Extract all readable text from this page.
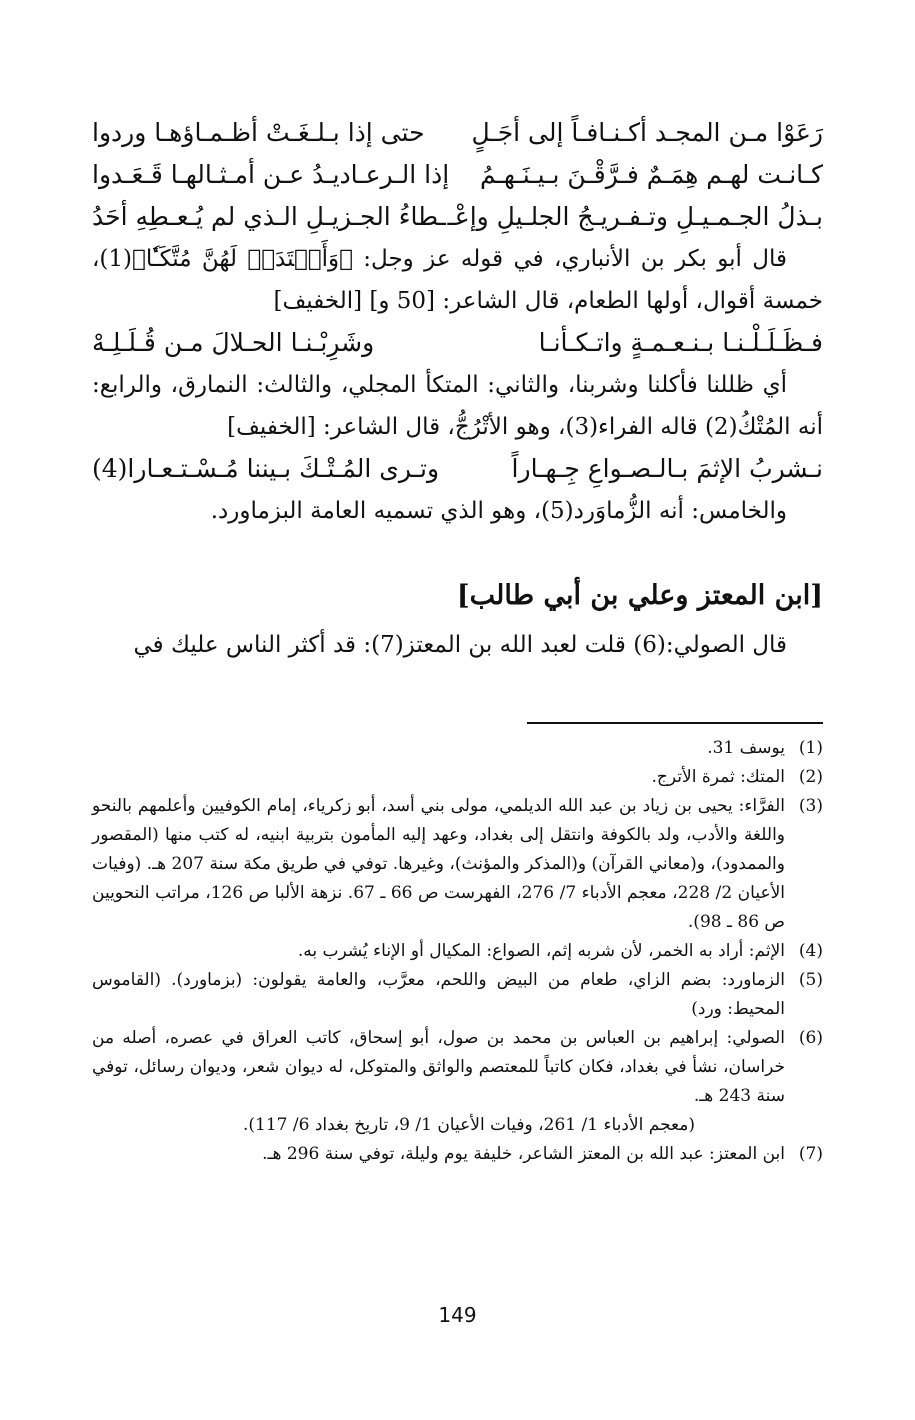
رَعَوْا مـن المجـد أكـنـافـاً إلى أجَـلٍ
حتى إذا بـلـغَـتْ أظـمـاؤهـا وردوا
كـانـت لهـم هِمَـمٌ فـرَّقْـنَ بـيـنَـهـمُ
إذا الـرعـاديـدُ عـن أمـثـالهـا قَـعَـدوا
بـذلُ الجـمـيـلِ وتـفـريـجُ الجلـيلِ وإعْـ
ـطاءُ الجـزيـلِ الـذي لم يُـعـطِهِ أحَدُ

قال أبو بكر بن الأنباري، في قوله عز وجل: ﴿وَأَعۡتَدَتۡ لَهُنَّ مُتَّكَـٔٗا﴾(1)، خمسة أقوال، أولها الطعام، قال الشاعر: [50 و] [الخفيف]

فـظَـلَـلْـنـا بـنـعـمـةٍ واتـكـأنـا
وشَرِبْـنـا الحـلالَ مـن قُـلَـلِـهْ

أي ظللنا فأكلنا وشربنا، والثاني: المتكأ المجلي، والثالث: النمارق، والرابع: أنه المُتْكُ(2) قاله الفراء(3)، وهو الأتْرُجُّ، قال الشاعر: [الخفيف]

نـشربُ الإثمَ بـالـصـواعِ جِـهـاراً
وتـرى المُـتْـكَ بـيننا مُـسْـتـعـارا(4)

والخامس: أنه الزُّماوَرد(5)، وهو الذي تسميه العامة البزماورد.

[ابن المعتز وعلي بن أبي طالب]

قال الصولي:(6) قلت لعبد الله بن المعتز(7): قد أكثر الناس عليك في

(1)
يوسف 31.
(2)
المتك: ثمرة الأترج.
(3)
الفرَّاء: يحيى بن زياد بن عبد الله الديلمي، مولى بني أسد، أبو زكرياء، إمام الكوفيين وأعلمهم بالنحو واللغة والأدب، ولد بالكوفة وانتقل إلى بغداد، وعهد إليه المأمون بتربية ابنيه، له كتب منها (المقصور والممدود)، و(معاني القرآن) و(المذكر والمؤنث)، وغيرها. توفي في طريق مكة سنة 207 هـ. (وفيات الأعيان 2/ 228، معجم الأدباء 7/ 276، الفهرست ص 66 ـ 67. نزهة الألبا ص 126، مراتب النحويين ص 86 ـ 98).
(4)
الإثم: أراد به الخمر، لأن شربه إثم، الصواع: المكيال أو الإناء يُشرب به.
(5)
الزماورد: بضم الزاي، طعام من البيض واللحم، معرَّب، والعامة يقولون: (بزماورد). (القاموس المحيط: ورد)
(6)
الصولي: إبراهيم بن العباس بن محمد بن صول، أبو إسحاق، كاتب العراق في عصره، أصله من خراسان، نشأ في بغداد، فكان كاتباً للمعتصم والواثق والمتوكل، له ديوان شعر، وديوان رسائل، توفي سنة 243 هـ.
(معجم الأدباء 1/ 261، وفيات الأعيان 1/ 9، تاريخ بغداد 6/ 117).
(7)
ابن المعتز: عبد الله بن المعتز الشاعر، خليفة يوم وليلة، توفي سنة 296 هـ.
149
